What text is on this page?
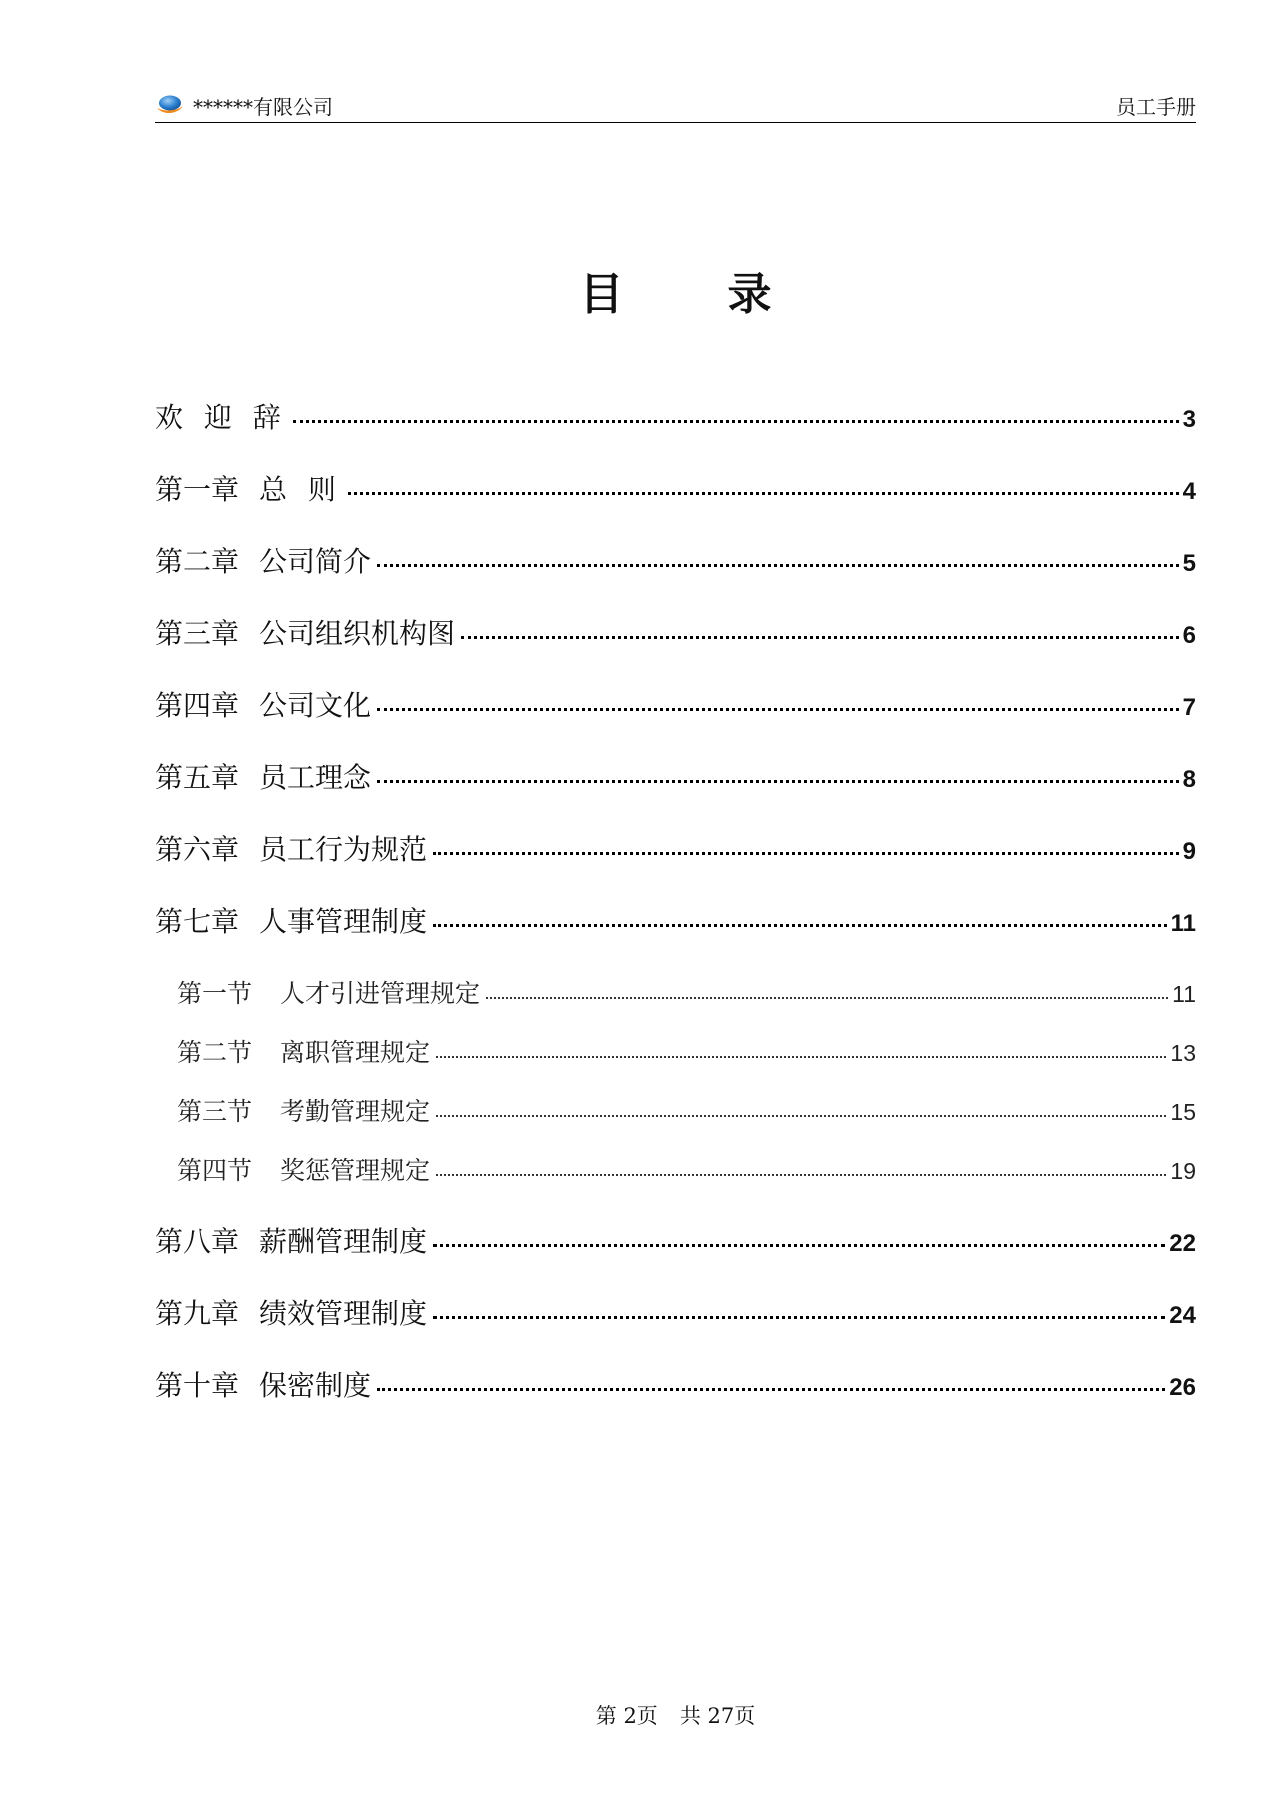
******有限公司	员工手册
目 录
欢 迎 辞	3
第一章 总 则	4
第二章 公司简介	5
第三章 公司组织机构图	6
第四章 公司文化	7
第五章 员工理念	8
第六章 员工行为规范	9
第七章 人事管理制度	11
第一节	人才引进管理规定	11
第二节	离职管理规定	13
第三节	考勤管理规定	15
第四节	奖惩管理规定	19
第八章 薪酬管理制度	22
第九章 绩效管理制度	24
第十章 保密制度	26
第 2页 共 27页
